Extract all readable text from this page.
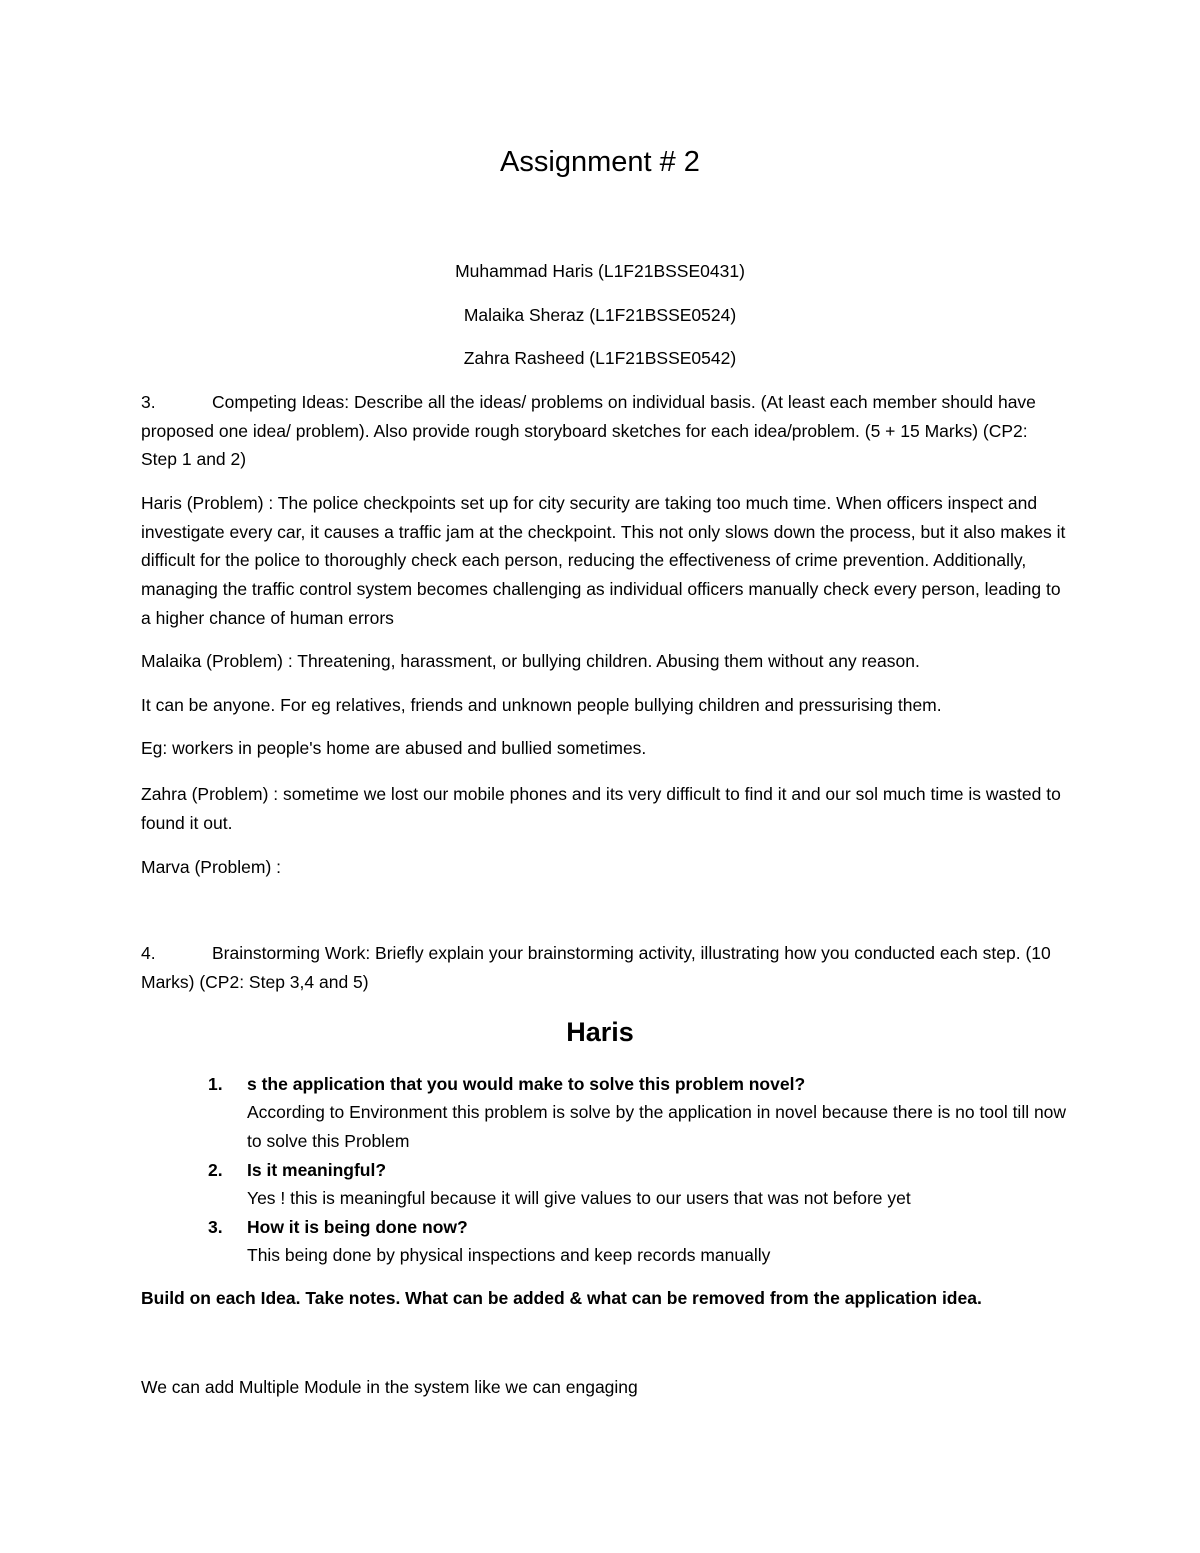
Assignment # 2
Muhammad Haris (L1F21BSSE0431)
Malaika Sheraz (L1F21BSSE0524)
Zahra Rasheed (L1F21BSSE0542)

3.	Competing Ideas: Describe all the ideas/ problems on individual basis. (At least each member should have proposed one idea/ problem). Also provide rough storyboard sketches for each idea/problem. (5 + 15 Marks) (CP2: Step 1 and 2)

Haris (Problem) : The police checkpoints set up for city security are taking too much time. When officers inspect and investigate every car, it causes a traffic jam at the checkpoint. This not only slows down the process, but it also makes it difficult for the police to thoroughly check each person, reducing the effectiveness of crime prevention. Additionally, managing the traffic control system becomes challenging as individual officers manually check every person, leading to a higher chance of human errors

Malaika (Problem) : Threatening, harassment, or bullying children. Abusing them without any reason.

It can be anyone. For eg relatives, friends and unknown people bullying children and pressurising them.

Eg: workers in people's home are abused and bullied sometimes.

Zahra (Problem) : sometime we lost our mobile phones and its very difficult to find it and our sol much time is wasted to found it out.

Marva (Problem) :

4.	Brainstorming Work: Briefly explain your brainstorming activity, illustrating how you conducted each step. (10 Marks) (CP2: Step 3,4 and 5)

Haris
1. s the application that you would make to solve this problem novel?
According to Environment this problem is solve by the application in novel because there is no tool till now to solve this Problem
2. Is it meaningful?
Yes ! this is meaningful because it will give values to our users that was not before yet
3. How it is being done now?
This being done by physical inspections and keep records manually

Build on each Idea. Take notes. What can be added & what can be removed from the application idea.

We can add Multiple Module in the system like we can engaging
